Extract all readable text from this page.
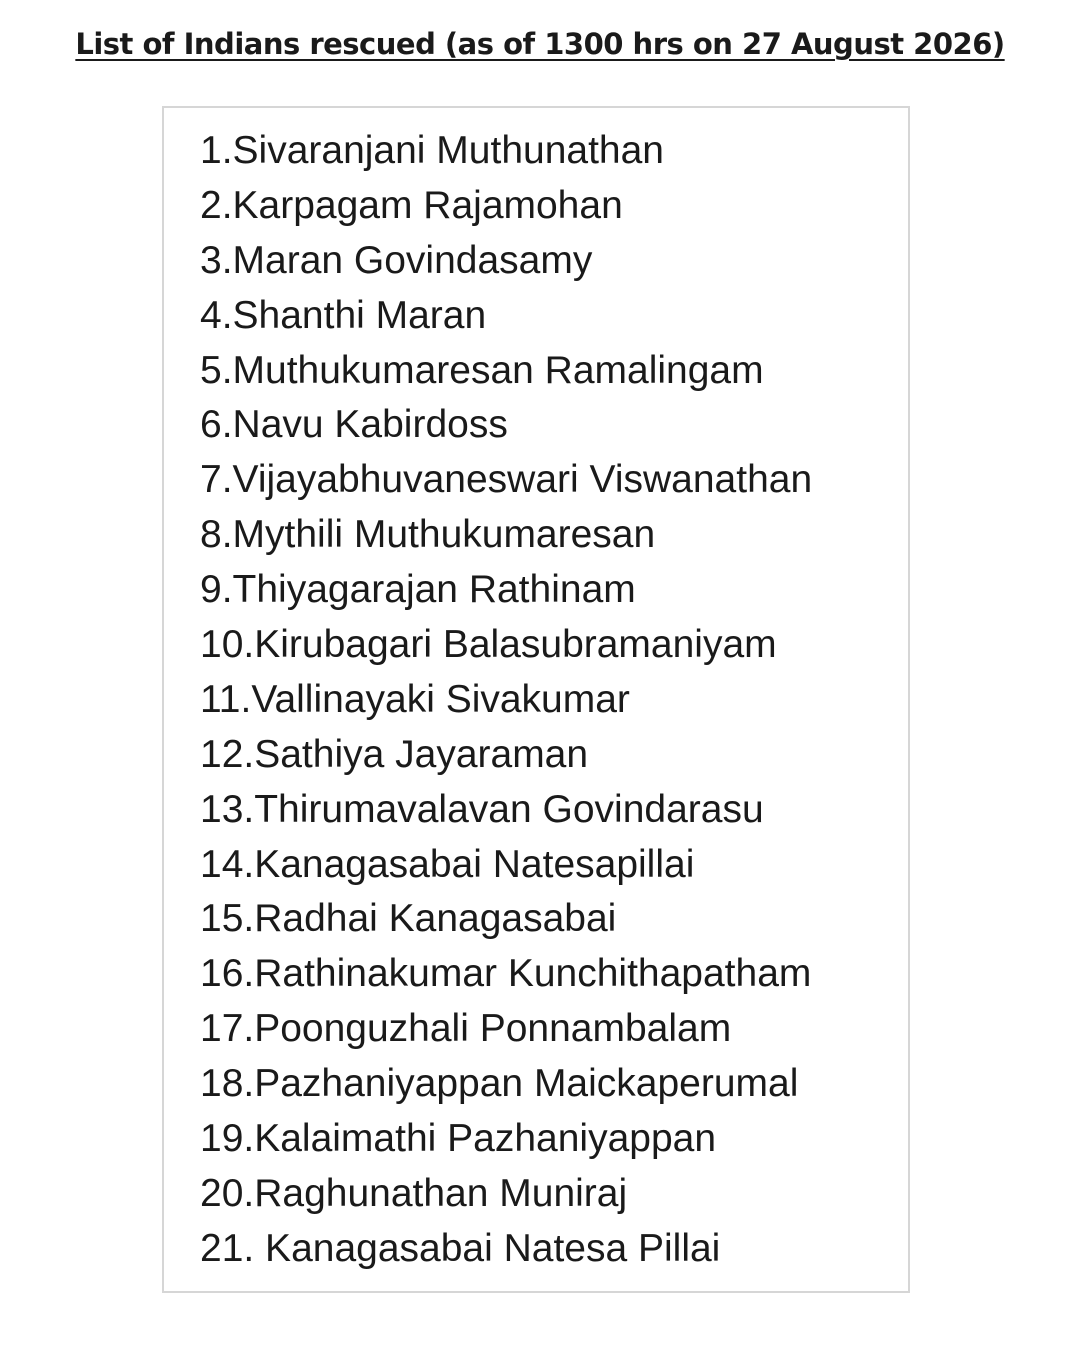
List of Indians rescued (as of 1300 hrs on 27 August 2026)
1.Sivaranjani Muthunathan
2.Karpagam Rajamohan
3.Maran Govindasamy
4.Shanthi Maran
5.Muthukumaresan Ramalingam
6.Navu Kabirdoss
7.Vijayabhuvaneswari Viswanathan
8.Mythili Muthukumaresan
9.Thiyagarajan Rathinam
10.Kirubagari Balasubramaniyam
11.Vallinayaki Sivakumar
12.Sathiya Jayaraman
13.Thirumavalavan Govindarasu
14.Kanagasabai Natesapillai
15.Radhai Kanagasabai
16.Rathinakumar Kunchithapatham
17.Poonguzhali Ponnambalam
18.Pazhaniyappan Maickaperumal
19.Kalaimathi Pazhaniyappan
20.Raghunathan Muniraj
21. Kanagasabai Natesa Pillai
